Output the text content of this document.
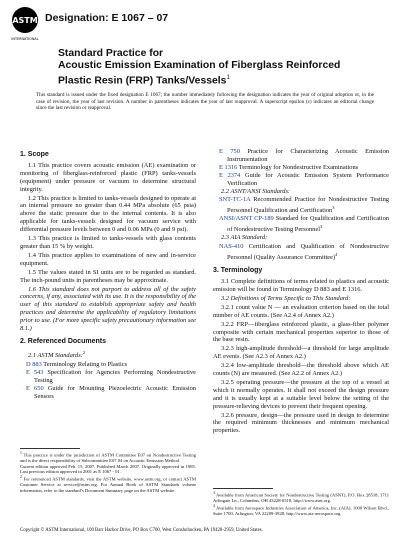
ASTM
INTERNATIONAL
Designation: E 1067 – 07
Standard Practice for
Acoustic Emission Examination of Fiberglass Reinforced
Plastic Resin (FRP) Tanks/Vessels$^1$
This standard is issued under the fixed designation E 1067; the number immediately following the designation indicates the year of original adoption or, in the case of revision, the year of last revision. A number in parentheses indicates the year of last reapproval. A superscript epsilon (ε) indicates an editorial change since the last revision or reapproval.
1. Scope
1.1 This practice covers acoustic emission (AE) examination or monitoring of fiberglass-reinforced plastic (FRP) tanks-vessels (equipment) under pressure or vacuum to determine structural integrity.
1.2 This practice is limited to tanks-vessels designed to operate at an internal pressure no greater than 0.44 MPa absolute (65 psia) above the static pressure due to the internal contents. It is also applicable for tanks-vessels designed for vacuum service with differential pressure levels between 0 and 0.06 MPa (0 and 9 psi).
1.3 This practice is limited to tanks-vessels with glass contents greater than 15 % by weight.
1.4 This practice applies to examinations of new and in-service equipment.
1.5 The values stated in SI units are to be regarded as standard. The inch-pound units in parentheses may be approximate.
1.6 This standard does not purport to address all of the safety concerns, if any, associated with its use. It is the responsibility of the user of this standard to establish appropriate safety and health practices and determine the applicability of regulatory limitations prior to use. (For more specific safety precautionary information see 8.1.)
2. Referenced Documents
2.1 ASTM Standards:$^2$
D 883 Terminology Relating to Plastics
E 543 Specification for Agencies Performing Nondestructive Testing
E 650 Guide for Mounting Piezoelectric Acoustic Emission Sensors
$^1$ This practice is under the jurisdiction of ASTM Committee E07 on Nondestructive Testing and is the direct responsibility of Subcommittee E07.04 on Acoustic Emission Method.
Current edition approved Feb. 15, 2007. Published March 2007. Originally approved in 1985. Last previous edition approved in 2001 as E 1067 - 01.
$^2$ For referenced ASTM standards, visit the ASTM website, www.astm.org, or contact ASTM Customer Service at service@astm.org. For Annual Book of ASTM Standards volume information, refer to the standard’s Document Summary page on the ASTM website.
E 750 Practice for Characterizing Acoustic Emission Instrumentation
E 1316 Terminology for Nondestructive Examinations
E 2374 Guide for Acoustic Emission System Performance Verification
2.2 ASNT/ANSI Standards:
SNT-TC-1A Recommended Practice for Nondestructive Testing Personnel Qualification and Certification$^3$
ANSI/ASNT CP-189 Standard for Qualification and Certification of Nondestructive Testing Personnel$^3$
2.3 AIA Standard:
NAS-410 Certification and Qualification of Nondestructive Personnel (Quality Assurance Committee)$^4$
3. Terminology
3.1 Complete definitions of terms related to plastics and acoustic emission will be found in Terminology D 883 and E 1316.
3.2 Definitions of Terms Specific to This Standard:
3.2.1 count value N — an evaluation criterion based on the total number of AE counts. (See A2.4 of Annex A2.)
3.2.2 FRP—fiberglass reinforced plastic, a glass-fiber polymer composite with certain mechanical properties superior to those of the base resin.
3.2.3 high-amplitude threshold—a threshold for large amplitude AE events. (See A2.3 of Annex A2.)
3.2.4 low-amplitude threshold—the threshold above which AE counts (N) are measured. (See A2.2 of Annex A2.)
3.2.5 operating pressure—the pressure at the top of a vessel at which it normally operates. It shall not exceed the design pressure and it is usually kept at a suitable level below the setting of the pressure-relieving devices to prevent their frequent opening.
3.2.6 pressure, design—the pressure used in design to determine the required minimum thicknesses and minimum mechanical properties.
$^3$ Available from American Society for Nondestructive Testing (ASNT), P.O. Box 28518, 1711 Arlingate Ln., Columbus, OH 43228-0518, http://www.asnt.org.
$^4$ Available from Aerospace Industries Association of America, Inc. (AIA), 1000 Wilson Blvd., Suite 1700, Arlington, VA 22209-3928, http://www.aia-aerospace.org.
Copyright © ASTM International, 100 Barr Harbor Drive, PO Box C700, West Conshohocken, PA 19428-2959, United States.
